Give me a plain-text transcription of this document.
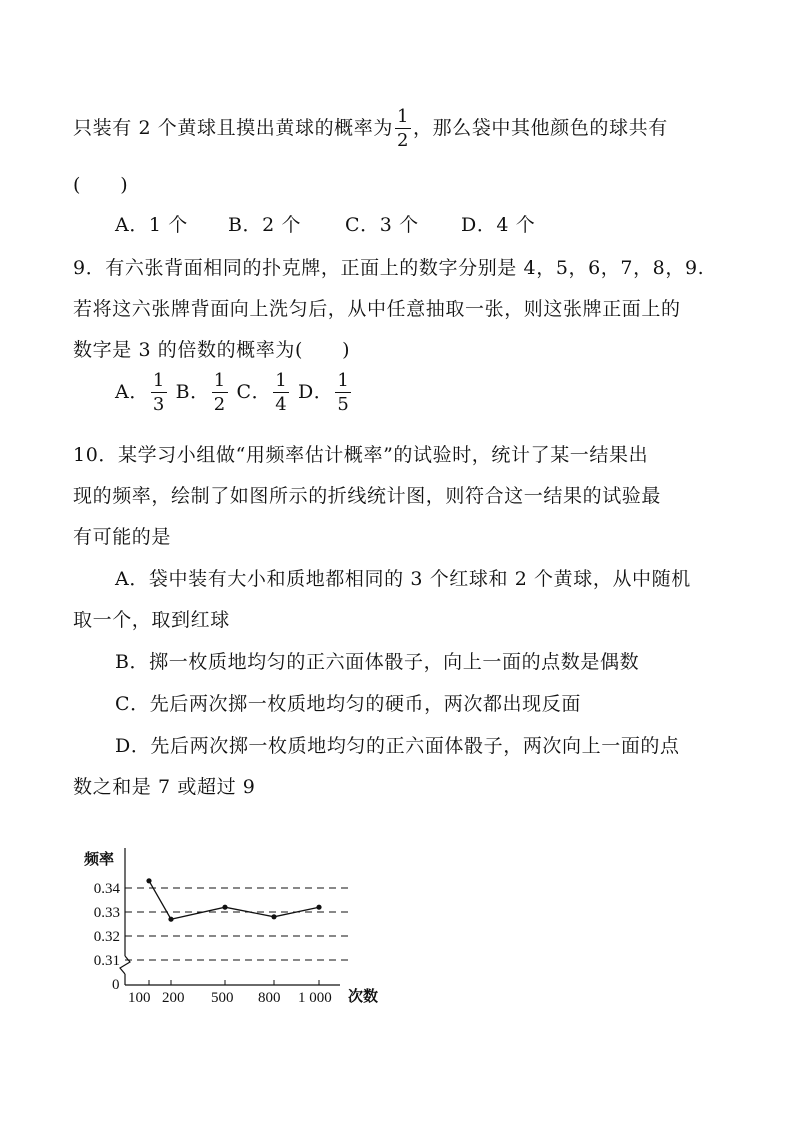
只装有 2 个黄球且摸出黄球的概率为 $\frac{1}{2}$ ，那么袋中其他颜色的球共有
(　　)
A．1 个 B．2 个 C．3 个 D．4 个
9．有六张背面相同的扑克牌，正面上的数字分别是 4，5，6，7，8，9.
若将这六张牌背面向上洗匀后，从中任意抽取一张，则这张牌正面上的
数字是 3 的倍数的概率为(　　)
A． $\frac{1}{3}$ B． $\frac{1}{2}$ C． $\frac{1}{4}$ D． $\frac{1}{5}$
10．某学习小组做“用频率估计概率”的试验时，统计了某一结果出
现的频率，绘制了如图所示的折线统计图，则符合这一结果的试验最
有可能的是
A．袋中装有大小和质地都相同的 3 个红球和 2 个黄球，从中随机
取一个，取到红球
B．掷一枚质地均匀的正六面体骰子，向上一面的点数是偶数
C．先后两次掷一枚质地均匀的硬币，两次都出现反面
D．先后两次掷一枚质地均匀的正六面体骰子，两次向上一面的点
数之和是 7 或超过 9
频率
次数
0
0.31
0.32
0.33
0.34
100 200 500 800 1 000
